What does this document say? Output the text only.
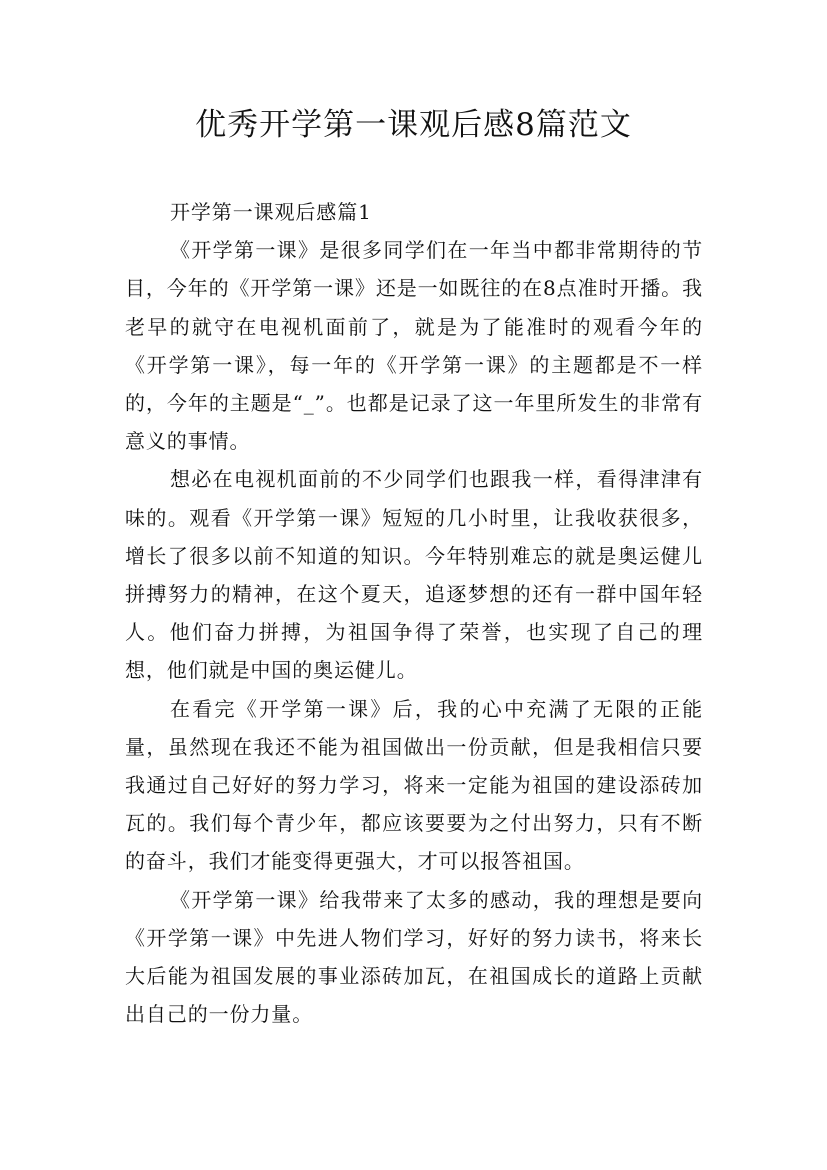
优秀开学第一课观后感8篇范文
开学第一课观后感篇1

《开学第一课》是很多同学们在一年当中都非常期待的节目，今年的《开学第一课》还是一如既往的在8点准时开播。我老早的就守在电视机面前了，就是为了能准时的观看今年的《开学第一课》，每一年的《开学第一课》的主题都是不一样的，今年的主题是“_”。也都是记录了这一年里所发生的非常有意义的事情。

想必在电视机面前的不少同学们也跟我一样，看得津津有味的。观看《开学第一课》短短的几小时里，让我收获很多，增长了很多以前不知道的知识。今年特别难忘的就是奥运健儿拼搏努力的精神，在这个夏天，追逐梦想的还有一群中国年轻人。他们奋力拼搏，为祖国争得了荣誉，也实现了自己的理想，他们就是中国的奥运健儿。

在看完《开学第一课》后，我的心中充满了无限的正能量，虽然现在我还不能为祖国做出一份贡献，但是我相信只要我通过自己好好的努力学习，将来一定能为祖国的建设添砖加瓦的。我们每个青少年，都应该要要为之付出努力，只有不断的奋斗，我们才能变得更强大，才可以报答祖国。

《开学第一课》给我带来了太多的感动，我的理想是要向《开学第一课》中先进人物们学习，好好的努力读书，将来长大后能为祖国发展的事业添砖加瓦，在祖国成长的道路上贡献出自己的一份力量。
